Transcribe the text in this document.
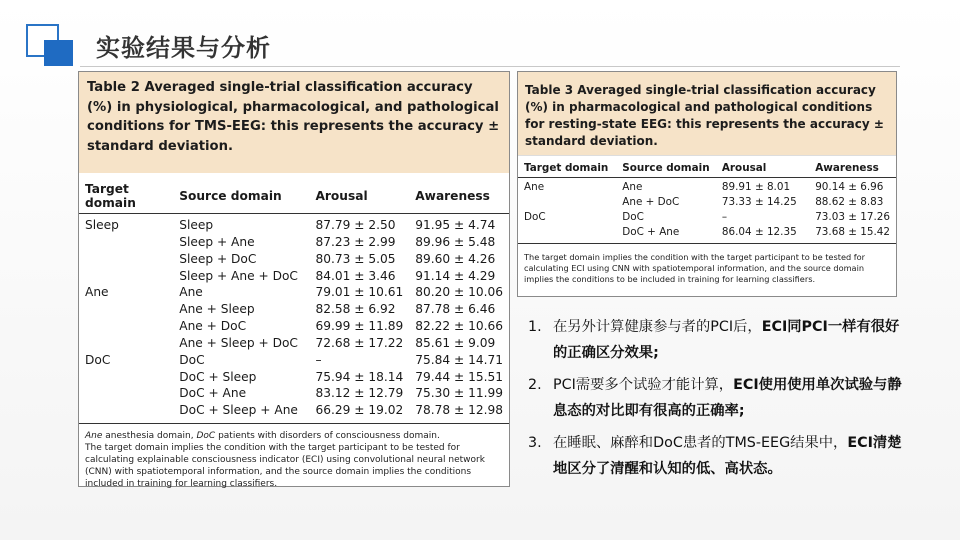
实验结果与分析
Table 2 Averaged single-trial classification accuracy (%) in physiological, pharmacological, and pathological conditions for TMS-EEG: this represents the accuracy ± standard deviation.
Target domain	Source domain	Arousal	Awareness
Sleep	Sleep	87.79 ± 2.50	91.95 ± 4.74
	Sleep + Ane	87.23 ± 2.99	89.96 ± 5.48
	Sleep + DoC	80.73 ± 5.05	89.60 ± 4.26
	Sleep + Ane + DoC	84.01 ± 3.46	91.14 ± 4.29
Ane	Ane	79.01 ± 10.61	80.20 ± 10.06
	Ane + Sleep	82.58 ± 6.92	87.78 ± 6.46
	Ane + DoC	69.99 ± 11.89	82.22 ± 10.66
	Ane + Sleep + DoC	72.68 ± 17.22	85.61 ± 9.09
DoC	DoC	–	75.84 ± 14.71
	DoC + Sleep	75.94 ± 18.14	79.44 ± 15.51
	DoC + Ane	83.12 ± 12.79	75.30 ± 11.99
	DoC + Sleep + Ane	66.29 ± 19.02	78.78 ± 12.98
Ane anesthesia domain, DoC patients with disorders of consciousness domain.
The target domain implies the condition with the target participant to be tested for calculating explainable consciousness indicator (ECI) using convolutional neural network (CNN) with spatiotemporal information, and the source domain implies the conditions included in training for learning classifiers.
Table 3 Averaged single-trial classification accuracy (%) in pharmacological and pathological conditions for resting-state EEG: this represents the accuracy ± standard deviation.
Target domain	Source domain	Arousal	Awareness
Ane	Ane	89.91 ± 8.01	90.14 ± 6.96
	Ane + DoC	73.33 ± 14.25	88.62 ± 8.83
DoC	DoC	–	73.03 ± 17.26
	DoC + Ane	86.04 ± 12.35	73.68 ± 15.42
The target domain implies the condition with the target participant to be tested for calculating ECI using CNN with spatiotemporal information, and the source domain implies the conditions to be included in training for learning classifiers.
1. 在另外计算健康参与者的PCI后，ECI同PCI一样有很好的正确区分效果;
2. PCI需要多个试验才能计算，ECI使用使用单次试验与静息态的对比即有很高的正确率;
3. 在睡眠、麻醉和DoC患者的TMS-EEG结果中，ECI清楚地区分了清醒和认知的低、高状态。
